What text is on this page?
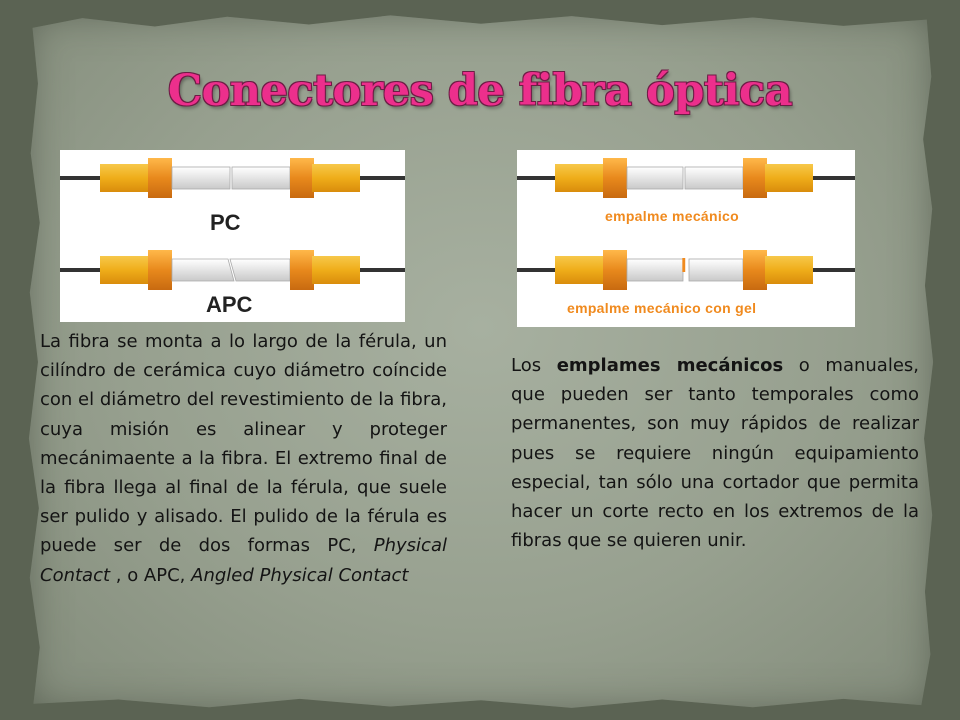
Conectores de fibra óptica
PC
APC
empalme mecánico
I
empalme mecánico con gel

La fibra se monta a lo largo de la férula, un cilíndro de cerámica cuyo diámetro coíncide con el diámetro del revestimiento de la fibra, cuya misión es alinear y proteger mecánimaente a la fibra. El extremo final de la fibra llega al final de la férula, que suele ser pulido y alisado. El pulido de la férula es puede ser de dos formas PC, Physical Contact , o APC, Angled Physical Contact

Los emplames mecánicos o manuales, que pueden ser tanto temporales como permanentes, son muy rápidos de realizar pues se requiere ningún equipamiento especial, tan sólo una cortador que permita hacer un corte recto en los extremos de la fibras que se quieren unir.
